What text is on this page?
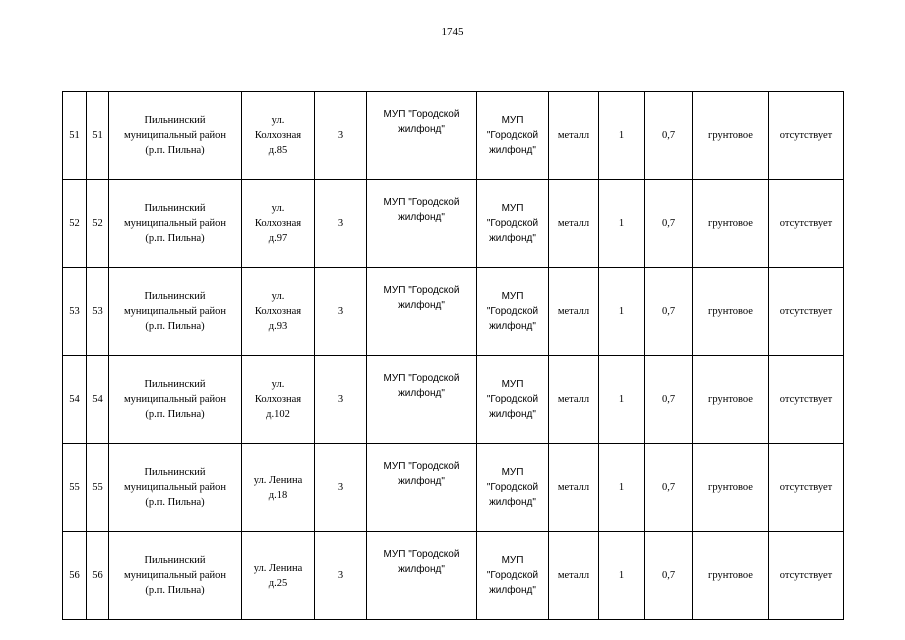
1745
51	51	Пильнинский
муниципальный район
(р.п. Пильна)	ул.
Колхозная
д.85	3	МУП "Городской
жилфонд"	МУП
"Городской
жилфонд"	металл	1	0,7	грунтовое	отсутствует
52	52	Пильнинский
муниципальный район
(р.п. Пильна)	ул.
Колхозная
д.97	3	МУП "Городской
жилфонд"	МУП
"Городской
жилфонд"	металл	1	0,7	грунтовое	отсутствует
53	53	Пильнинский
муниципальный район
(р.п. Пильна)	ул.
Колхозная
д.93	3	МУП "Городской
жилфонд"	МУП
"Городской
жилфонд"	металл	1	0,7	грунтовое	отсутствует
54	54	Пильнинский
муниципальный район
(р.п. Пильна)	ул.
Колхозная
д.102	3	МУП "Городской
жилфонд"	МУП
"Городской
жилфонд"	металл	1	0,7	грунтовое	отсутствует
55	55	Пильнинский
муниципальный район
(р.п. Пильна)	ул. Ленина
д.18	3	МУП "Городской
жилфонд"	МУП
"Городской
жилфонд"	металл	1	0,7	грунтовое	отсутствует
56	56	Пильнинский
муниципальный район
(р.п. Пильна)	ул. Ленина
д.25	3	МУП "Городской
жилфонд"	МУП
"Городской
жилфонд"	металл	1	0,7	грунтовое	отсутствует
